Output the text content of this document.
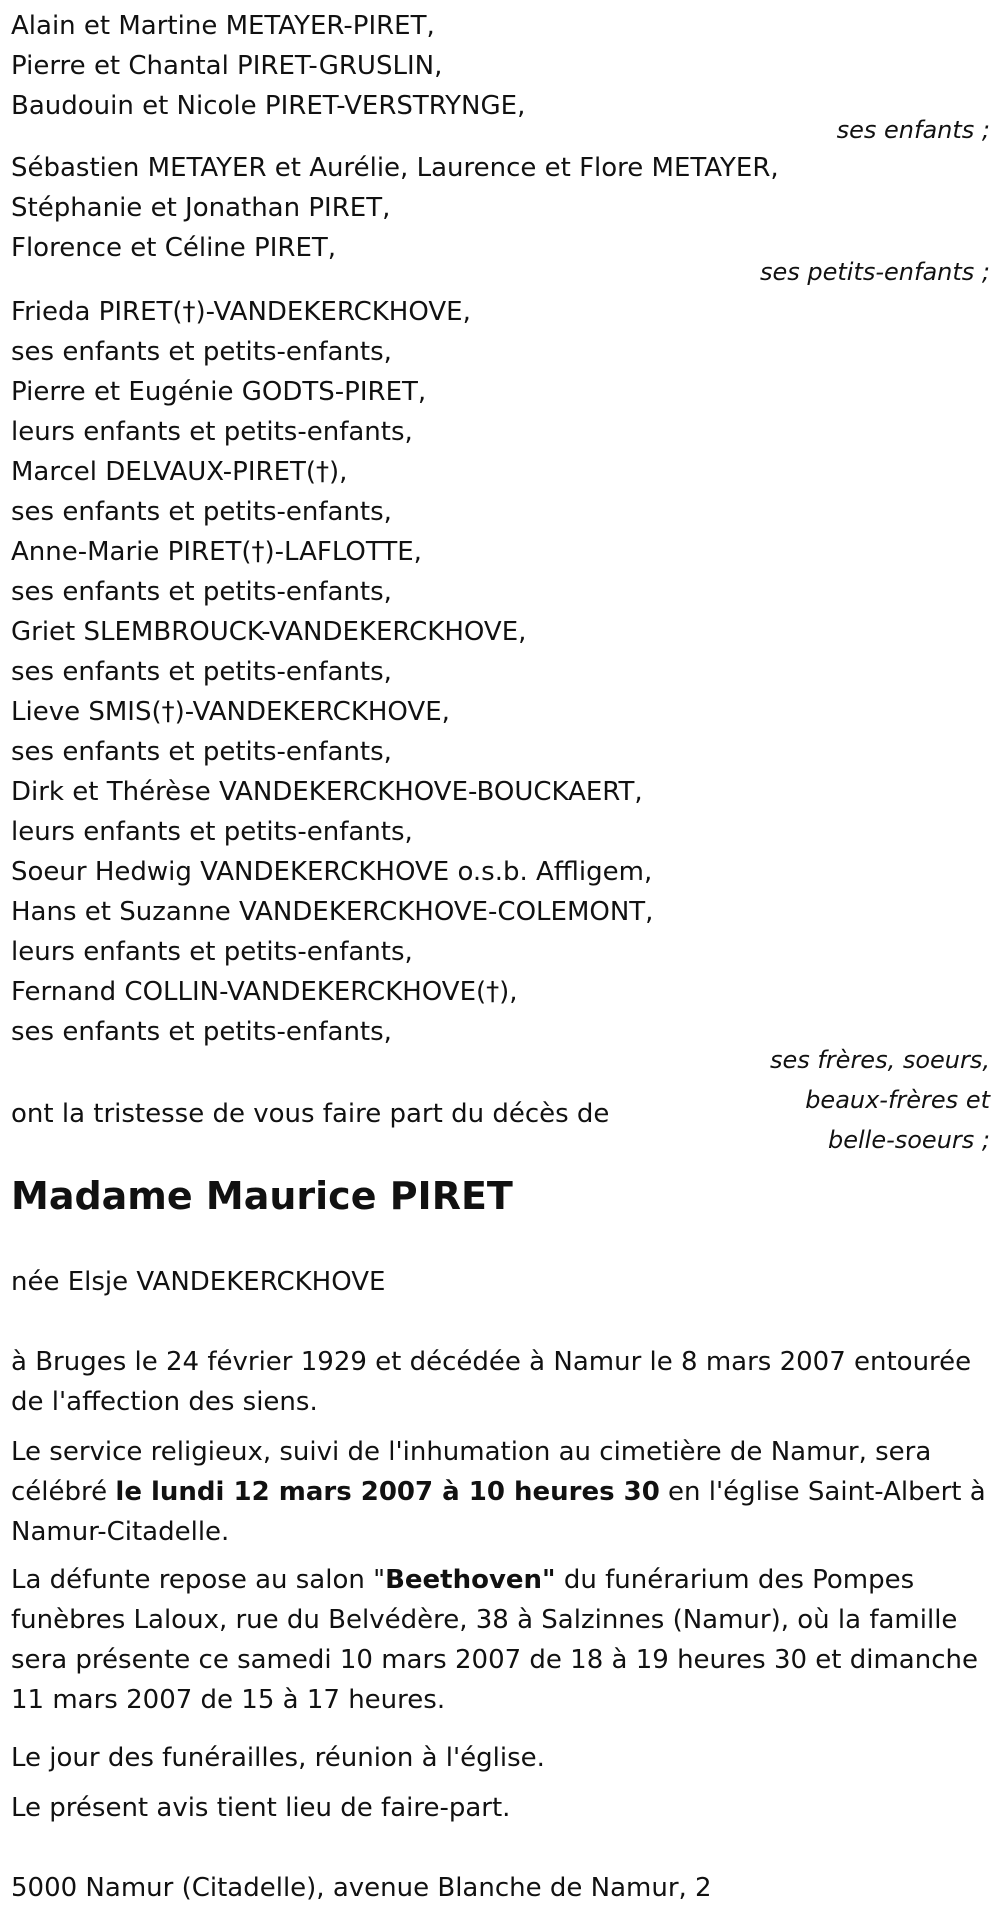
Alain et Martine METAYER-PIRET,
Pierre et Chantal PIRET-GRUSLIN,
Baudouin et Nicole PIRET-VERSTRYNGE,
ses enfants ;
Sébastien METAYER et Aurélie, Laurence et Flore METAYER,
Stéphanie et Jonathan PIRET,
Florence et Céline PIRET,
ses petits-enfants ;
Frieda PIRET(†)-VANDEKERCKHOVE,
ses enfants et petits-enfants,
Pierre et Eugénie GODTS-PIRET,
leurs enfants et petits-enfants,
Marcel DELVAUX-PIRET(†),
ses enfants et petits-enfants,
Anne-Marie PIRET(†)-LAFLOTTE,
ses enfants et petits-enfants,
Griet SLEMBROUCK-VANDEKERCKHOVE,
ses enfants et petits-enfants,
Lieve SMIS(†)-VANDEKERCKHOVE,
ses enfants et petits-enfants,
Dirk et Thérèse VANDEKERCKHOVE-BOUCKAERT,
leurs enfants et petits-enfants,
Soeur Hedwig VANDEKERCKHOVE o.s.b. Affligem,
Hans et Suzanne VANDEKERCKHOVE-COLEMONT,
leurs enfants et petits-enfants,
Fernand COLLIN-VANDEKERCKHOVE(†),
ses enfants et petits-enfants,
ses frères, soeurs,
beaux-frères et
belle-soeurs ;
ont la tristesse de vous faire part du décès de
Madame Maurice PIRET
née Elsje VANDEKERCKHOVE
à Bruges le 24 février 1929 et décédée à Namur le 8 mars 2007 entourée de l'affection des siens.
Le service religieux, suivi de l'inhumation au cimetière de Namur, sera célébré le lundi 12 mars 2007 à 10 heures 30 en l'église Saint-Albert à Namur-Citadelle.
La défunte repose au salon "Beethoven" du funérarium des Pompes funèbres Laloux, rue du Belvédère, 38 à Salzinnes (Namur), où la famille sera présente ce samedi 10 mars 2007 de 18 à 19 heures 30 et dimanche 11 mars 2007 de 15 à 17 heures.
Le jour des funérailles, réunion à l'église.
Le présent avis tient lieu de faire-part.
5000 Namur (Citadelle), avenue Blanche de Namur, 2
